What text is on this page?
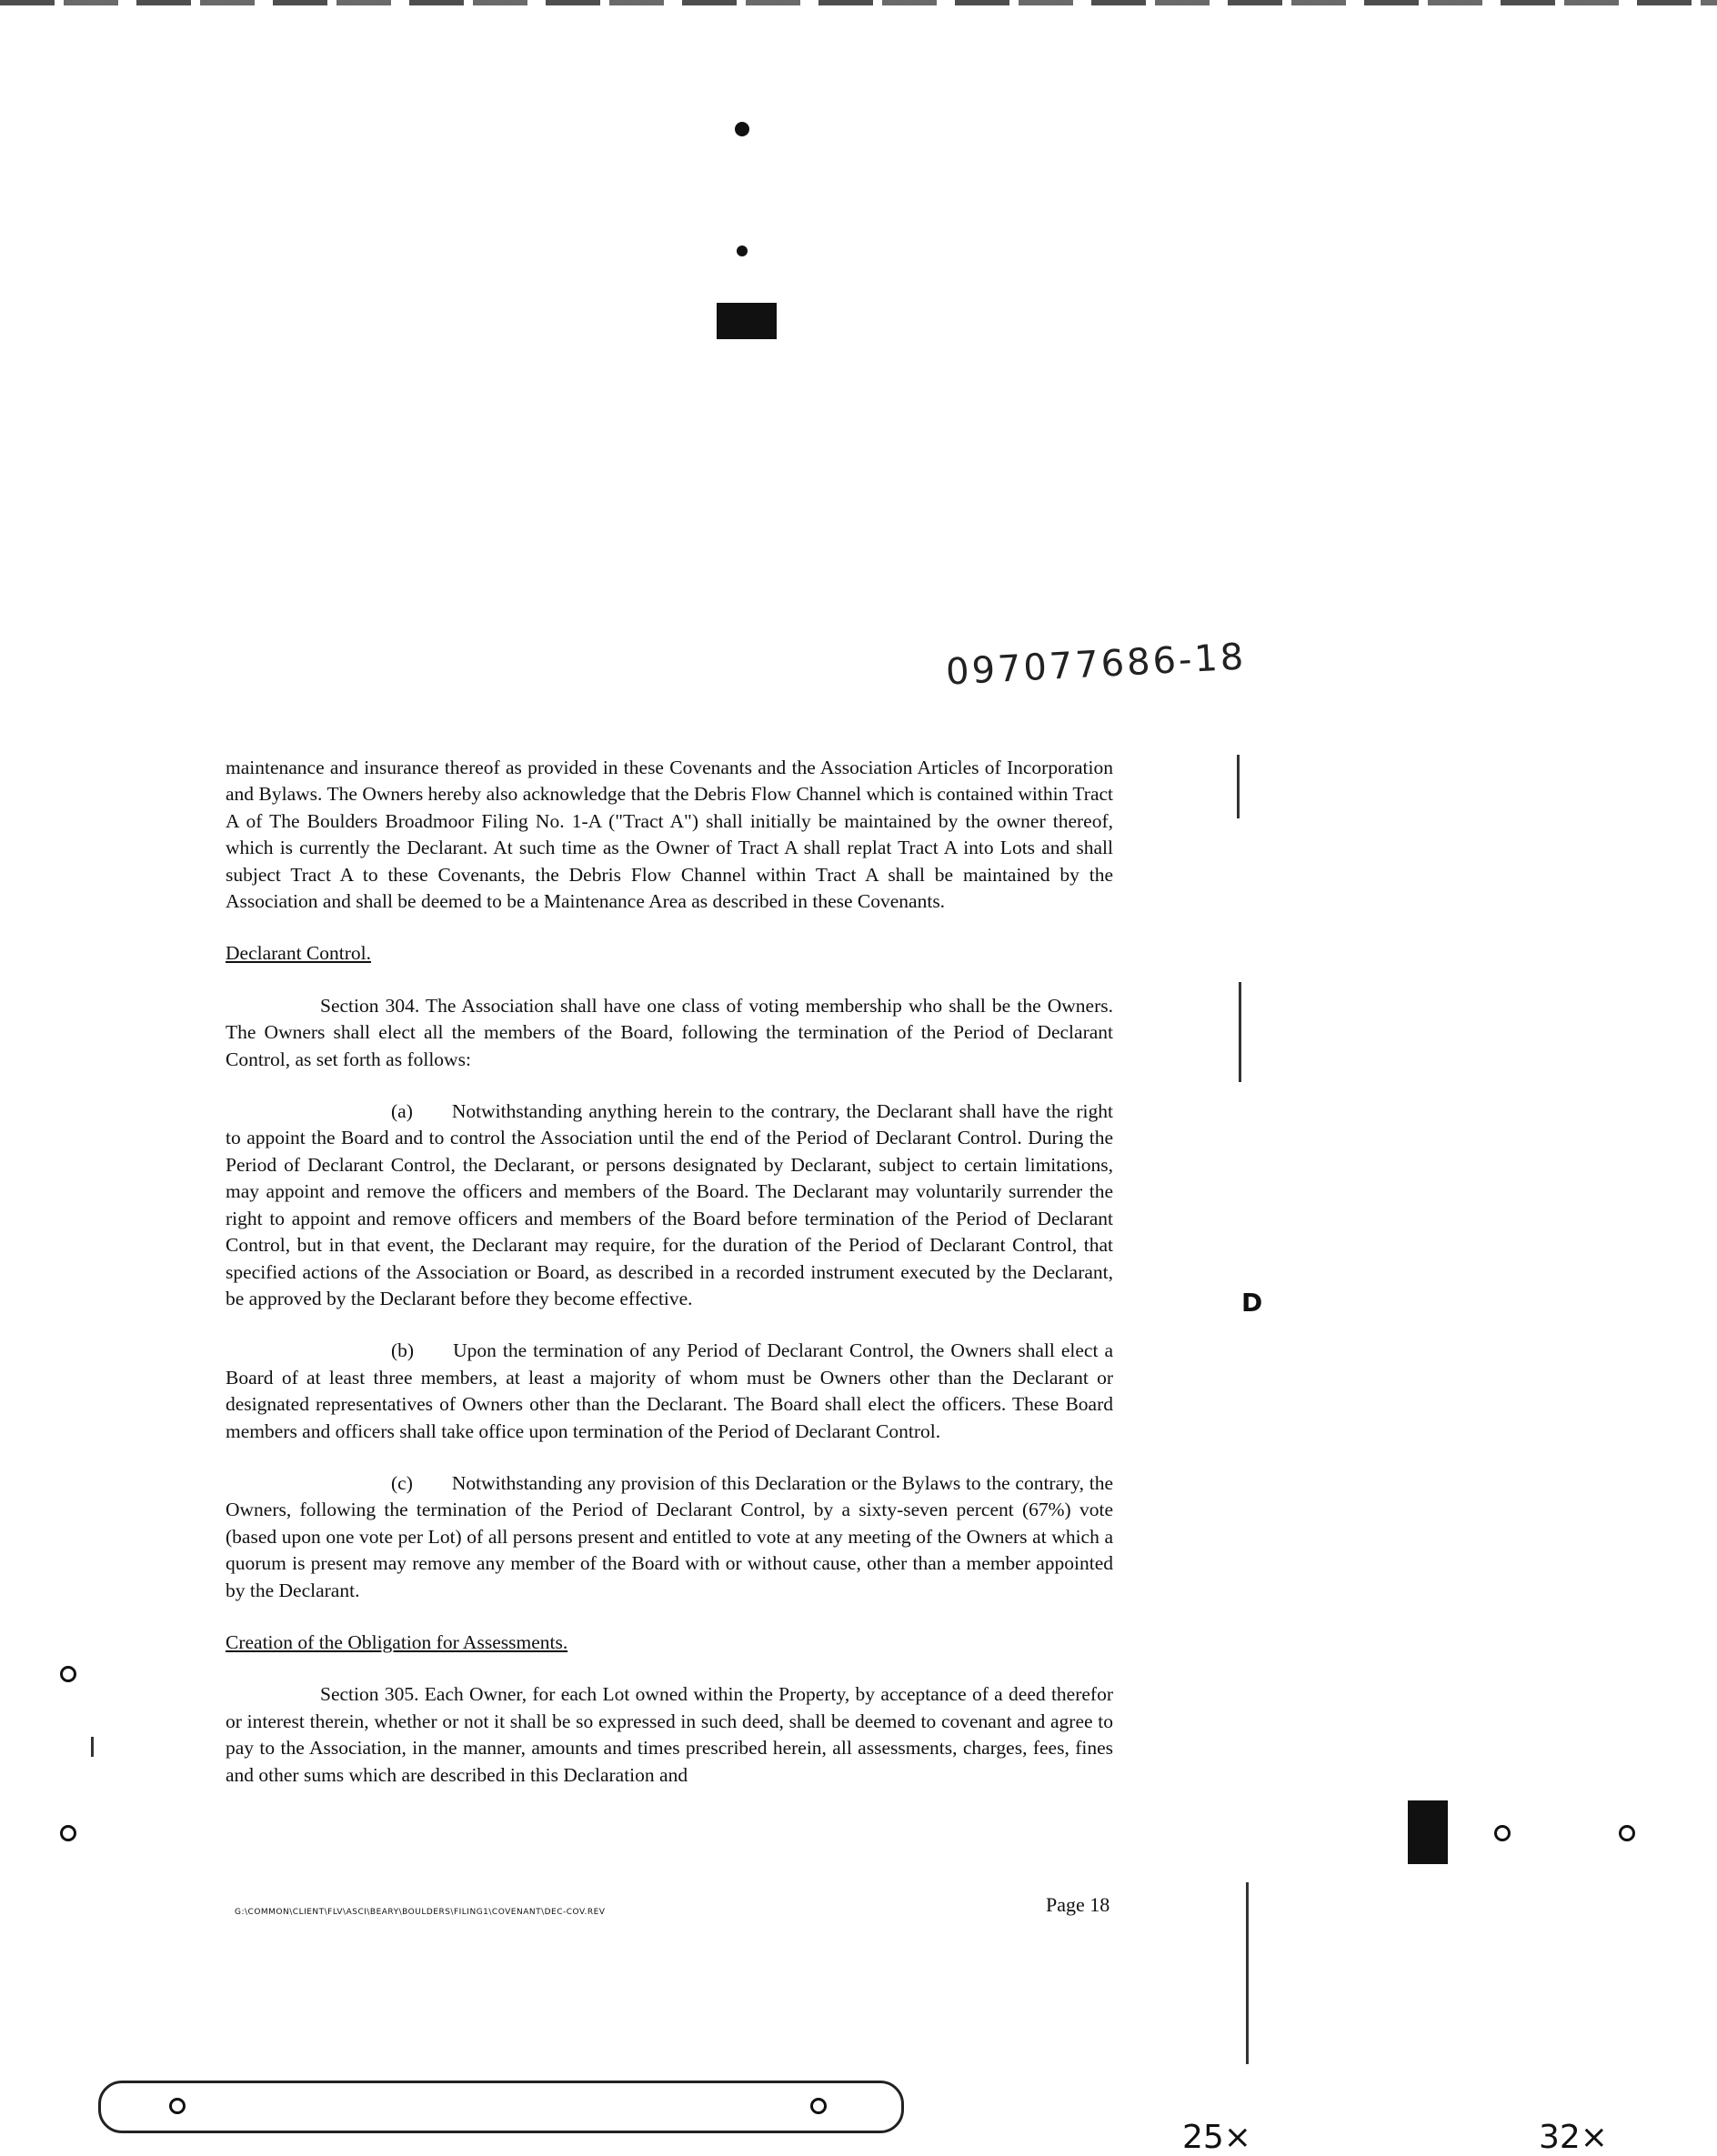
097077686-18

maintenance and insurance thereof as provided in these Covenants and the Association Articles of Incorporation and Bylaws. The Owners hereby also acknowledge that the Debris Flow Channel which is contained within Tract A of The Boulders Broadmoor Filing No. 1-A ("Tract A") shall initially be maintained by the owner thereof, which is currently the Declarant. At such time as the Owner of Tract A shall replat Tract A into Lots and shall subject Tract A to these Covenants, the Debris Flow Channel within Tract A shall be maintained by the Association and shall be deemed to be a Maintenance Area as described in these Covenants.

Declarant Control.

Section 304. The Association shall have one class of voting membership who shall be the Owners. The Owners shall elect all the members of the Board, following the termination of the Period of Declarant Control, as set forth as follows:

(a)  Notwithstanding anything herein to the contrary, the Declarant shall have the right to appoint the Board and to control the Association until the end of the Period of Declarant Control. During the Period of Declarant Control, the Declarant, or persons designated by Declarant, subject to certain limitations, may appoint and remove the officers and members of the Board. The Declarant may voluntarily surrender the right to appoint and remove officers and members of the Board before termination of the Period of Declarant Control, but in that event, the Declarant may require, for the duration of the Period of Declarant Control, that specified actions of the Association or Board, as described in a recorded instrument executed by the Declarant, be approved by the Declarant before they become effective.

(b)  Upon the termination of any Period of Declarant Control, the Owners shall elect a Board of at least three members, at least a majority of whom must be Owners other than the Declarant or designated representatives of Owners other than the Declarant. The Board shall elect the officers. These Board members and officers shall take office upon termination of the Period of Declarant Control.

(c)  Notwithstanding any provision of this Declaration or the Bylaws to the contrary, the Owners, following the termination of the Period of Declarant Control, by a sixty-seven percent (67%) vote (based upon one vote per Lot) of all persons present and entitled to vote at any meeting of the Owners at which a quorum is present may remove any member of the Board with or without cause, other than a member appointed by the Declarant.

Creation of the Obligation for Assessments.

Section 305. Each Owner, for each Lot owned within the Property, by acceptance of a deed therefor or interest therein, whether or not it shall be so expressed in such deed, shall be deemed to covenant and agree to pay to the Association, in the manner, amounts and times prescribed herein, all assessments, charges, fees, fines and other sums which are described in this Declaration and

D
G:\COMMON\CLIENT\FLV\ASCI\BEARY\BOULDERS\FILING1\COVENANT\DEC-COV.REV	Page 18
25×	32×
